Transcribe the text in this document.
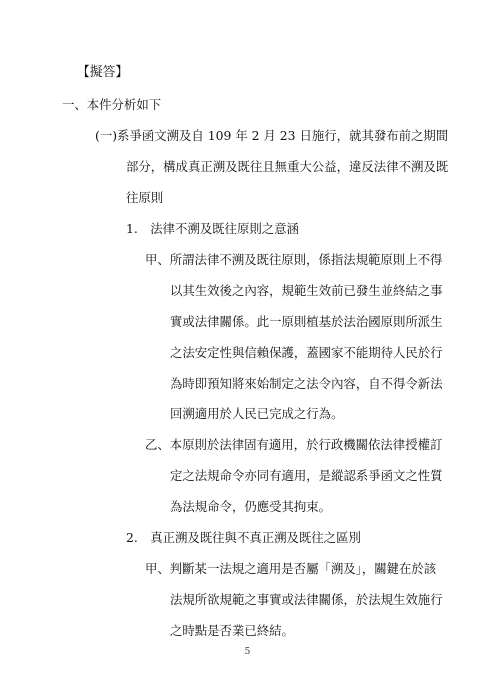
【擬答】
一、本件分析如下
(一)系爭函文溯及自 109 年 2 月 23 日施行，就其發布前之期間
部分，構成真正溯及既往且無重大公益，違反法律不溯及既
往原則
1.　法律不溯及既往原則之意涵
甲、所謂法律不溯及既往原則，係指法規範原則上不得
以其生效後之內容，規範生效前已發生並終結之事
實或法律關係。此一原則植基於法治國原則所派生
之法安定性與信賴保護，蓋國家不能期待人民於行
為時即預知將來始制定之法令內容，自不得令新法
回溯適用於人民已完成之行為。
乙、本原則於法律固有適用，於行政機關依法律授權訂
定之法規命令亦同有適用，是縱認系爭函文之性質
為法規命令，仍應受其拘束。
2.　真正溯及既往與不真正溯及既往之區別
甲、判斷某一法規之適用是否屬「溯及」，關鍵在於該
法規所欲規範之事實或法律關係，於法規生效施行
之時點是否業已終結。
5
